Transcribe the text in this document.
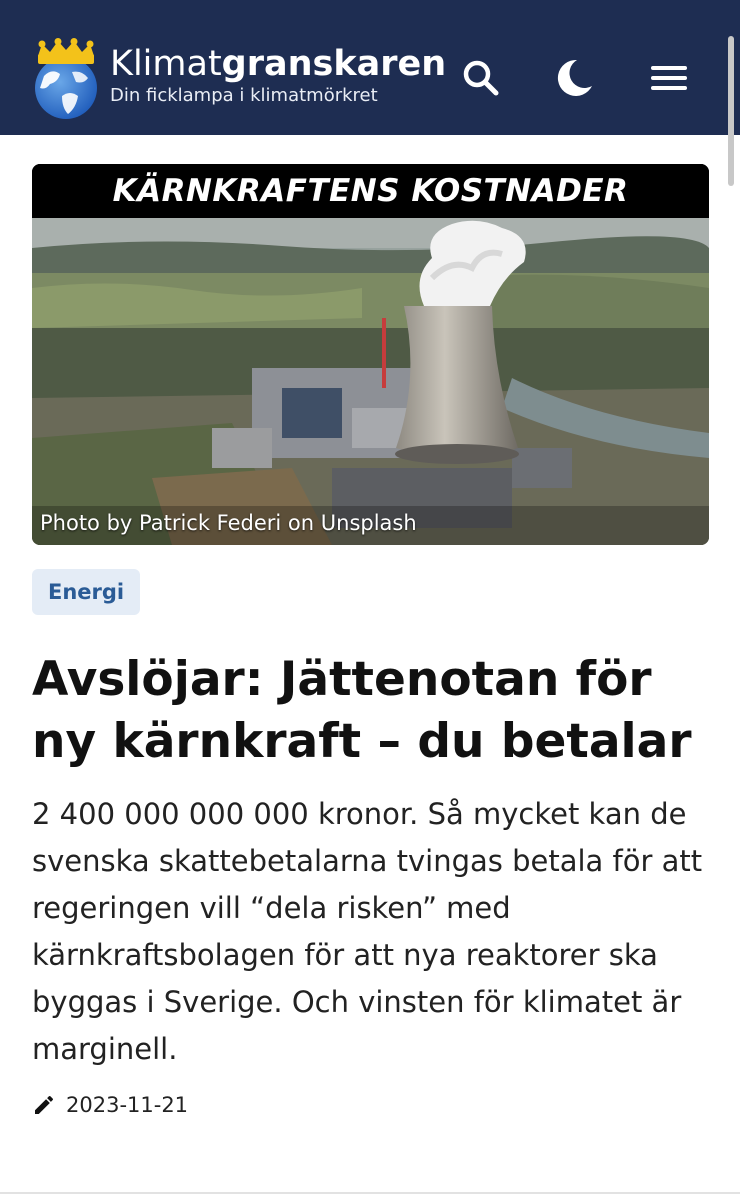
Klimatgranskaren
Din ficklampa i klimatmörkret
KÄRNKRAFTENS KOSTNADER
Photo by Patrick Federi on Unsplash
Energi
Avslöjar: Jättenotan för ny kärnkraft – du betalar

2 400 000 000 000 kronor. Så mycket kan de svenska skattebetalarna tvingas betala för att regeringen vill “dela risken” med kärnkraftsbolagen för att nya reaktorer ska byggas i Sverige. Och vinsten för klimatet är marginell.

2023-11-21
